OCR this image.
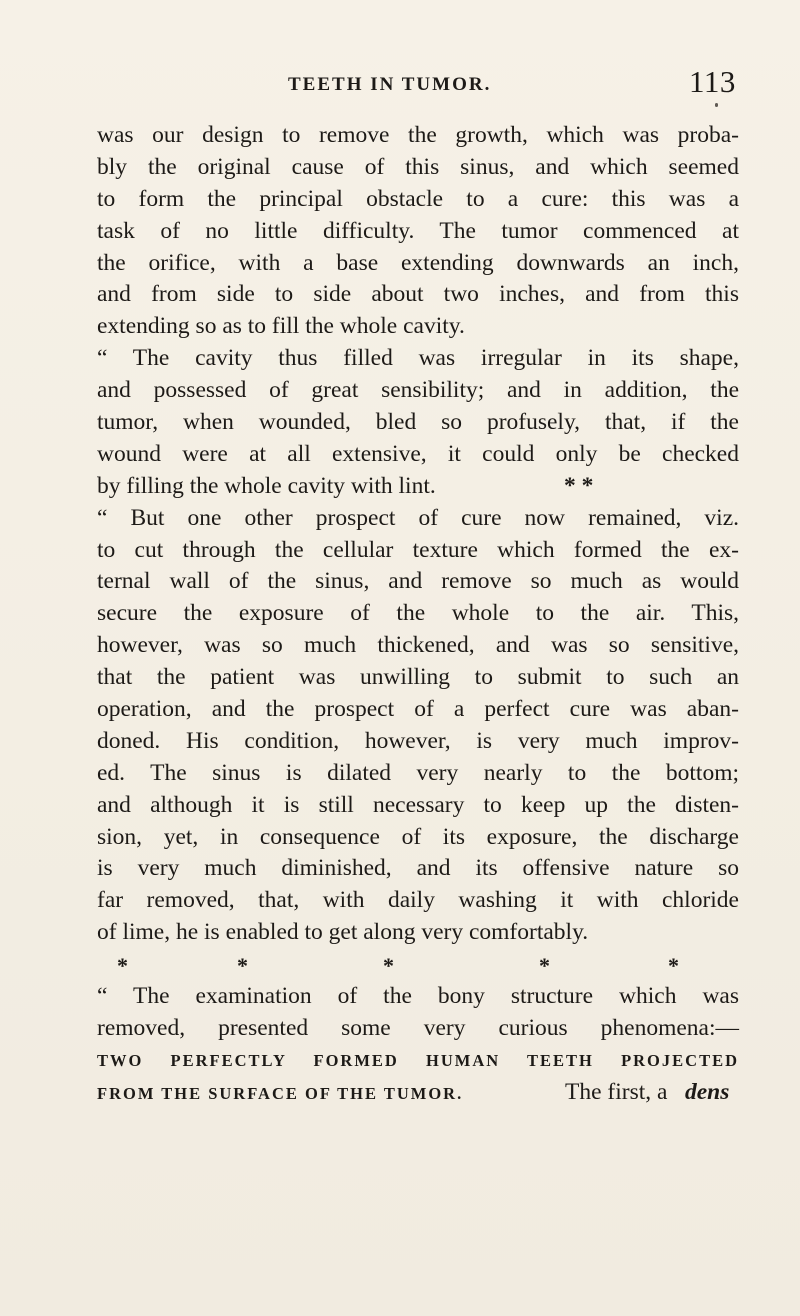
TEETH IN TUMOR.	113
was our design to remove the growth, which was proba-
bly the original cause of this sinus, and which seemed
to form the principal obstacle to a cure: this was a
task of no little difficulty. The tumor commenced at
the orifice, with a base extending downwards an inch,
and from side to side about two inches, and from this
extending so as to fill the whole cavity.
“ The cavity thus filled was irregular in its shape,
and possessed of great sensibility; and in addition, the
tumor, when wounded, bled so profusely, that, if the
wound were at all extensive, it could only be checked
by filling the whole cavity with lint.	* *
“ But one other prospect of cure now remained, viz.
to cut through the cellular texture which formed the ex-
ternal wall of the sinus, and remove so much as would
secure the exposure of the whole to the air. This,
however, was so much thickened, and was so sensitive,
that the patient was unwilling to submit to such an
operation, and the prospect of a perfect cure was aban-
doned. His condition, however, is very much improv-
ed. The sinus is dilated very nearly to the bottom;
and although it is still necessary to keep up the disten-
sion, yet, in consequence of its exposure, the discharge
is very much diminished, and its offensive nature so
far removed, that, with daily washing it with chloride
of lime, he is enabled to get along very comfortably.
*	*	*	*	*
“ The examination of the bony structure which was
removed, presented some very curious phenomena:—
TWO PERFECTLY FORMED HUMAN TEETH PROJECTED
FROM THE SURFACE OF THE TUMOR.	The first, a dens
